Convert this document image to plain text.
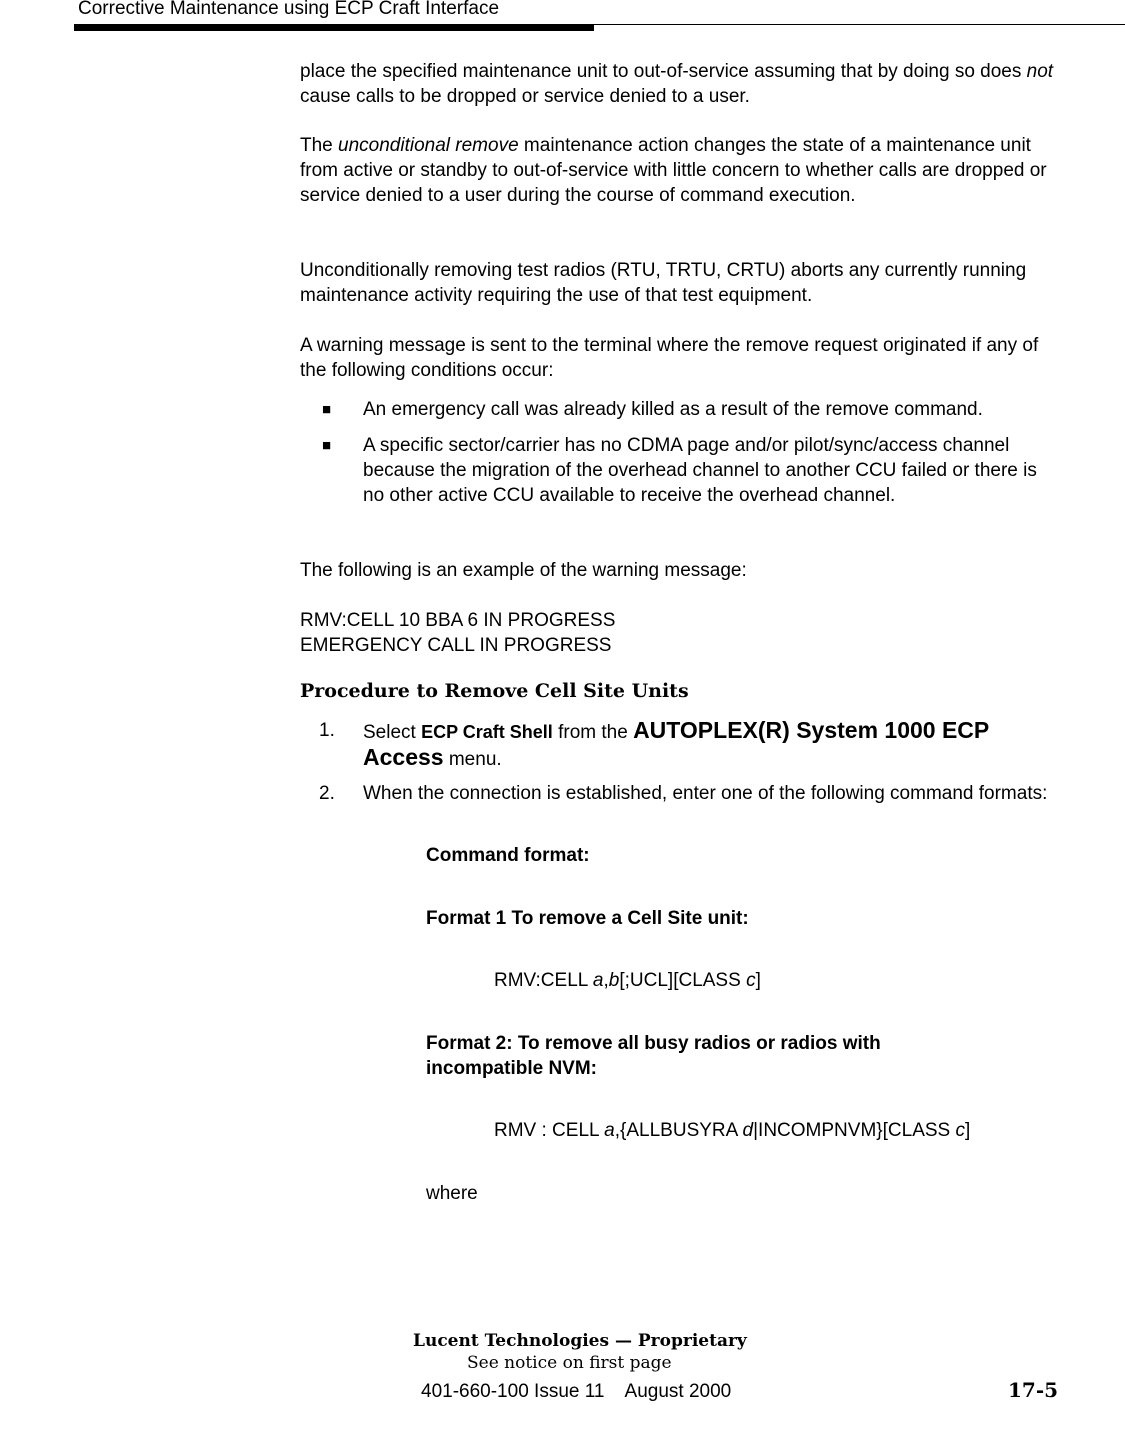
Corrective Maintenance using ECP Craft Interface
place the specified maintenance unit to out-of-service assuming that by doing so does not cause calls to be dropped or service denied to a user.
The unconditional remove maintenance action changes the state of a maintenance unit from active or standby to out-of-service with little concern to whether calls are dropped or service denied to a user during the course of command execution.
Unconditionally removing test radios (RTU, TRTU, CRTU) aborts any currently running maintenance activity requiring the use of that test equipment.
A warning message is sent to the terminal where the remove request originated if any of the following conditions occur:
■ An emergency call was already killed as a result of the remove command.
■ A specific sector/carrier has no CDMA page and/or pilot/sync/access channel because the migration of the overhead channel to another CCU failed or there is no other active CCU available to receive the overhead channel.
The following is an example of the warning message:
RMV:CELL 10 BBA 6 IN PROGRESS
EMERGENCY CALL IN PROGRESS
Procedure to Remove Cell Site Units
1. Select ECP Craft Shell from the AUTOPLEX(R) System 1000 ECP Access menu.
2. When the connection is established, enter one of the following command formats:
Command format:
Format 1 To remove a Cell Site unit:
RMV:CELL a,b[;UCL][CLASS c]
Format 2: To remove all busy radios or radios with incompatible NVM:
RMV : CELL a,{ALLBUSYRA d|INCOMPNVM}[CLASS c]
where
Lucent Technologies — Proprietary
See notice on first page
401-660-100 Issue 11    August 2000	17-5
